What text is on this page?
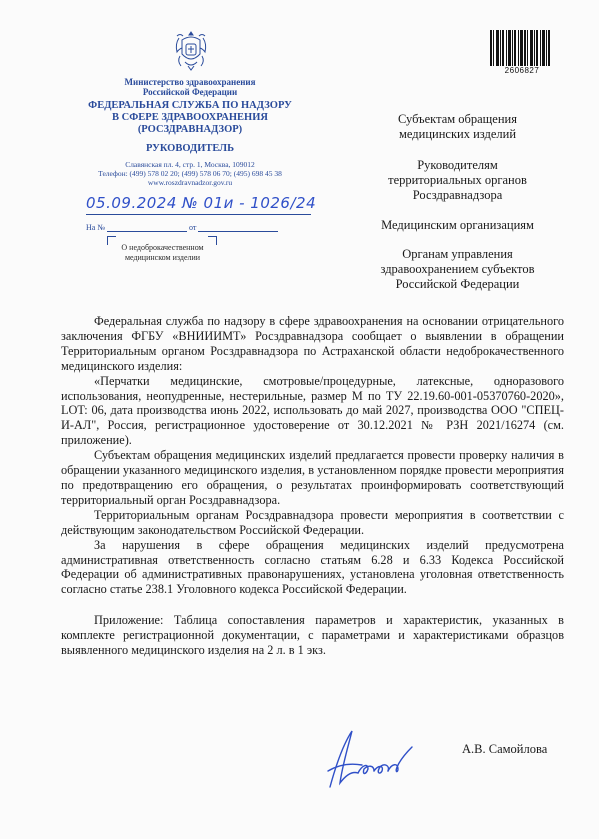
Министерство здравоохранения
Российской Федерации
ФЕДЕРАЛЬНАЯ СЛУЖБА ПО НАДЗОРУ
В СФЕРЕ ЗДРАВООХРАНЕНИЯ
(РОСЗДРАВНАДЗОР)
РУКОВОДИТЕЛЬ
Славянская пл. 4, стр. 1, Москва, 109012
Телефон: (499) 578 02 20; (499) 578 06 70; (495) 698 45 38
www.roszdravnadzor.gov.ru
05.09.2024 № 01и - 1026/24
На №	от
О недоброкачественном
медицинском изделии
2606827
Субъектам обращения
медицинских изделий
Руководителям
территориальных органов
Росздравнадзора
Медицинским организациям
Органам управления
здравоохранением субъектов
Российской Федерации

Федеральная служба по надзору в сфере здравоохранения на основании отрицательного заключения ФГБУ «ВНИИИМТ» Росздравнадзора сообщает о выявлении в обращении Территориальным органом Росздравнадзора по Астраханской области недоброкачественного медицинского изделия:

«Перчатки медицинские, смотровые/процедурные, латексные, одноразового использования, неопудренные, нестерильные, размер М по ТУ 22.19.60-001-05370760-2020», LOT: 06, дата производства июнь 2022, использовать до май 2027, производства ООО "СПЕЦ-И-АЛ", Россия, регистрационное удостоверение от 30.12.2021 № РЗН 2021/16274 (см. приложение).

Субъектам обращения медицинских изделий предлагается провести проверку наличия в обращении указанного медицинского изделия, в установленном порядке провести мероприятия по предотвращению его обращения, о результатах проинформировать соответствующий территориальный орган Росздравнадзора.

Территориальным органам Росздравнадзора провести мероприятия в соответствии с действующим законодательством Российской Федерации.

За нарушения в сфере обращения медицинских изделий предусмотрена административная ответственность согласно статьям 6.28 и 6.33 Кодекса Российской Федерации об административных правонарушениях, установлена уголовная ответственность согласно статье 238.1 Уголовного кодекса Российской Федерации.

Приложение: Таблица сопоставления параметров и характеристик, указанных в комплекте регистрационной документации, с параметрами и характеристиками образцов выявленного медицинского изделия на 2 л. в 1 экз.

А.В. Самойлова
